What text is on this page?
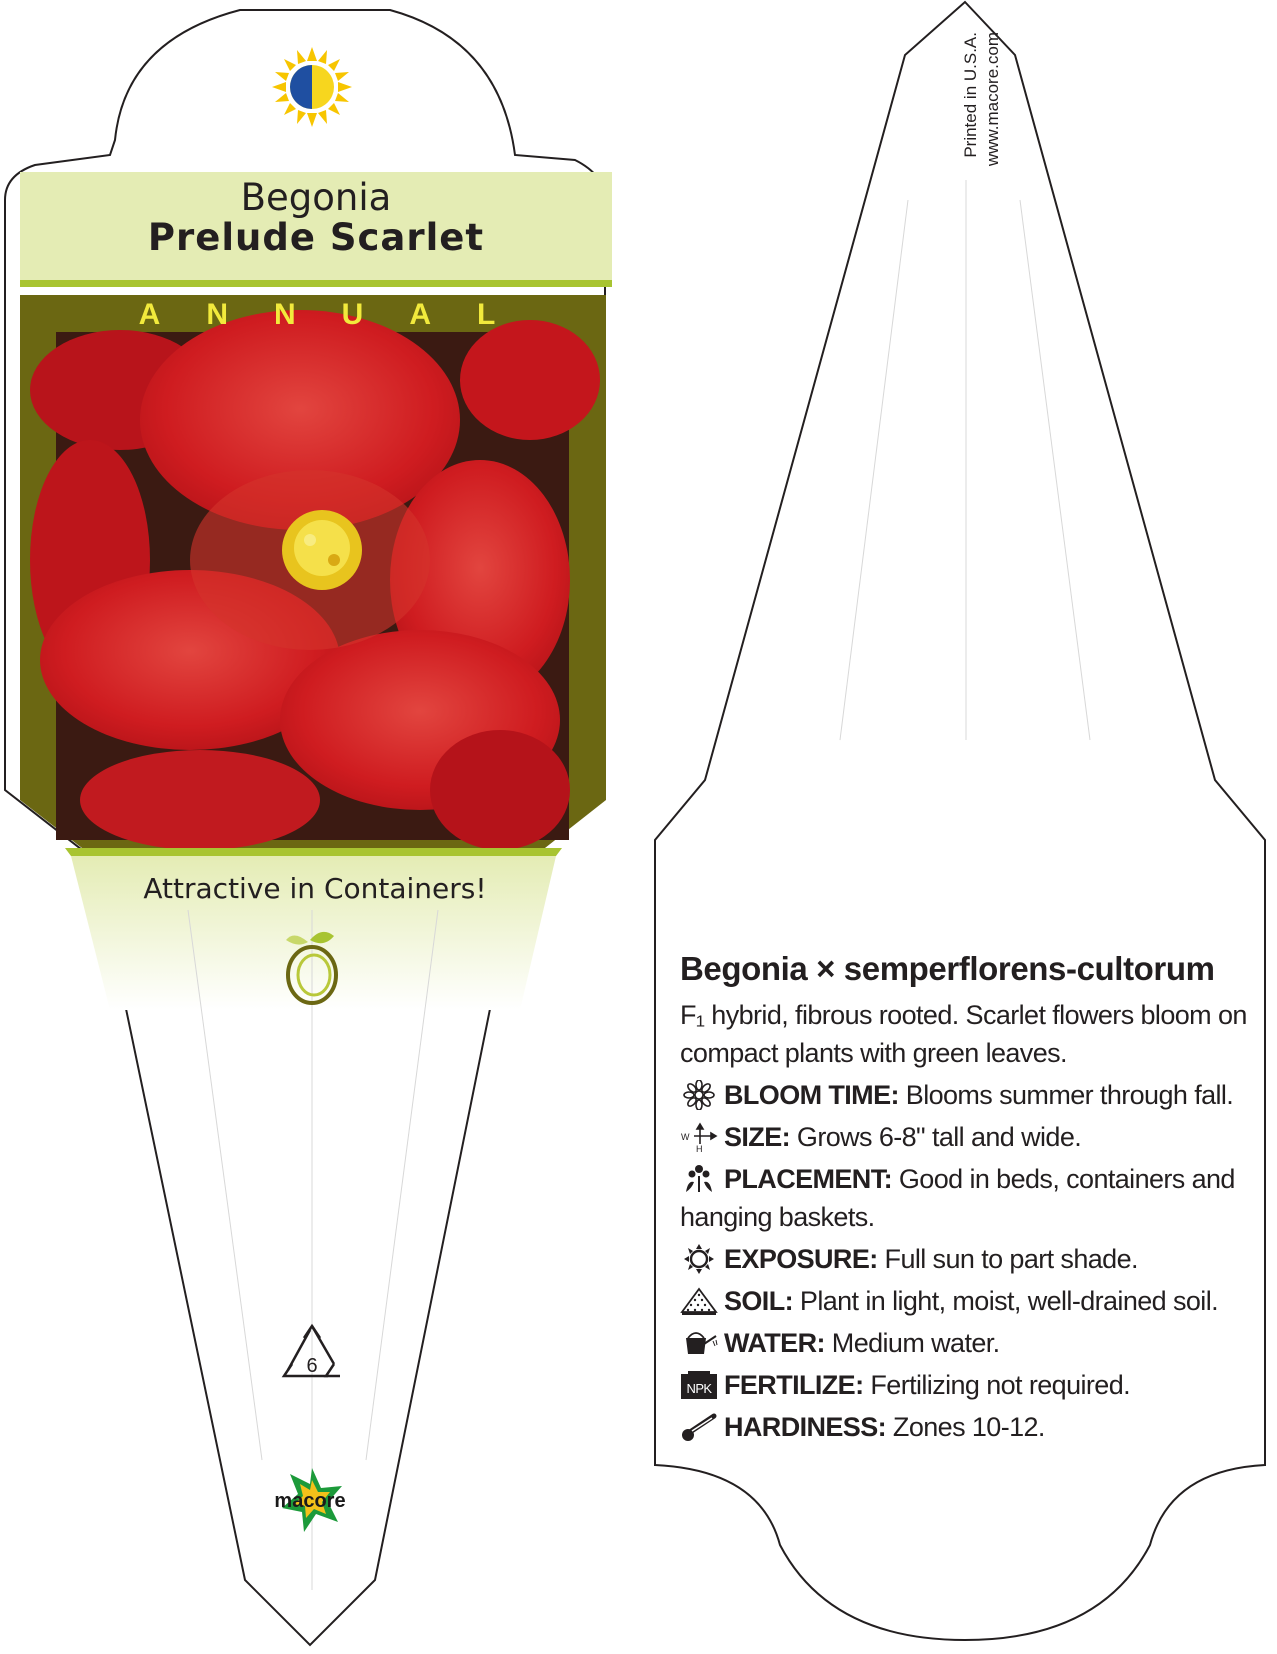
6
Begonia
Prelude Scarlet
ANNUAL
Attractive in Containers!
macore
Printed in U.S.A. www.macore.com
Begonia × semperflorens-cultorum
F₁ hybrid, fibrous rooted. Scarlet flowers bloom on compact plants with green leaves.
BLOOM TIME: Blooms summer through fall.
W
H SIZE: Grows 6-8" tall and wide.
PLACEMENT: Good in beds, containers and hanging baskets.
EXPOSURE: Full sun to part shade.
SOIL: Plant in light, moist, well-drained soil.
WATER: Medium water.
NPK FERTILIZE: Fertilizing not required.
HARDINESS: Zones 10-12.
